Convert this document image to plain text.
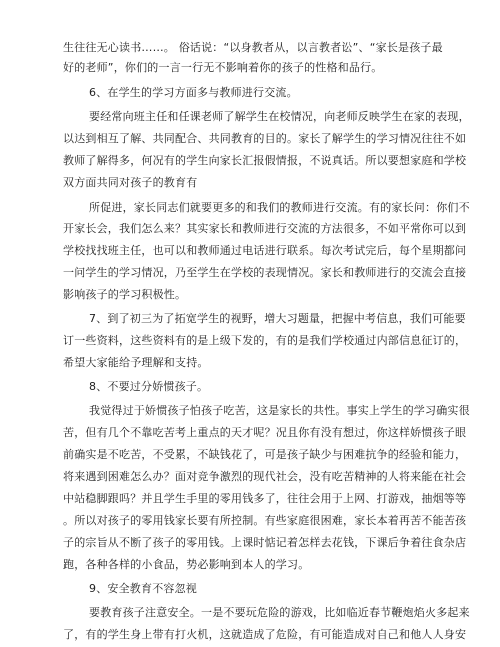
生往往无心读书……。 俗话说：“以身教者从，以言教者讼”、“家长是孩子最
好的老师”，你们的一言一行无不影响着你的孩子的性格和品行。
6、在学生的学习方面多与教师进行交流。
要经常向班主任和任课老师了解学生在校情况，向老师反映学生在家的表现，
以达到相互了解、共同配合、共同教育的目的。家长了解学生的学习情况往往不如
教师了解得多，何况有的学生向家长汇报假情报，不说真话。所以要想家庭和学校
双方面共同对孩子的教育有
所促进，家长同志们就要更多的和我们的教师进行交流。有的家长问：你们不
开家长会，我们怎么来？其实家长和教师进行交流的方法很多，不如平常你可以到
学校找找班主任，也可以和教师通过电话进行联系。每次考试完后，每个星期都问
一问学生的学习情况，乃至学生在学校的表现情况。家长和教师进行的交流会直接
影响孩子的学习积极性。
7、到了初三为了拓宽学生的视野，增大习题量，把握中考信息，我们可能要
订一些资料，这些资料有的是上级下发的，有的是我们学校通过内部信息征订的，
希望大家能给予理解和支持。
8、不要过分娇惯孩子。
我觉得过于娇惯孩子怕孩子吃苦，这是家长的共性。事实上学生的学习确实很
苦，但有几个不靠吃苦考上重点的天才呢？况且你有没有想过，你这样娇惯孩子眼
前确实是不吃苦，不受累，不缺钱花了，可是孩子缺少与困难抗争的经验和能力，
将来遇到困难怎么办？面对竞争激烈的现代社会，没有吃苦精神的人将来能在社会
中站稳脚跟吗？并且学生手里的零用钱多了，往往会用于上网、打游戏，抽烟等等
。所以对孩子的零用钱家长要有所控制。有些家庭很困难，家长本着再苦不能苦孩
子的宗旨从不断了孩子的零用钱。上课时惦记着怎样去花钱，下课后争着往食杂店
跑，各种各样的小食品，势必影响到本人的学习。
9、安全教育不容忽视
要教育孩子注意安全。一是不要玩危险的游戏，比如临近春节鞭炮焰火多起来
了，有的学生身上带有打火机，这就造成了危险，有可能造成对自己和他人人身安
